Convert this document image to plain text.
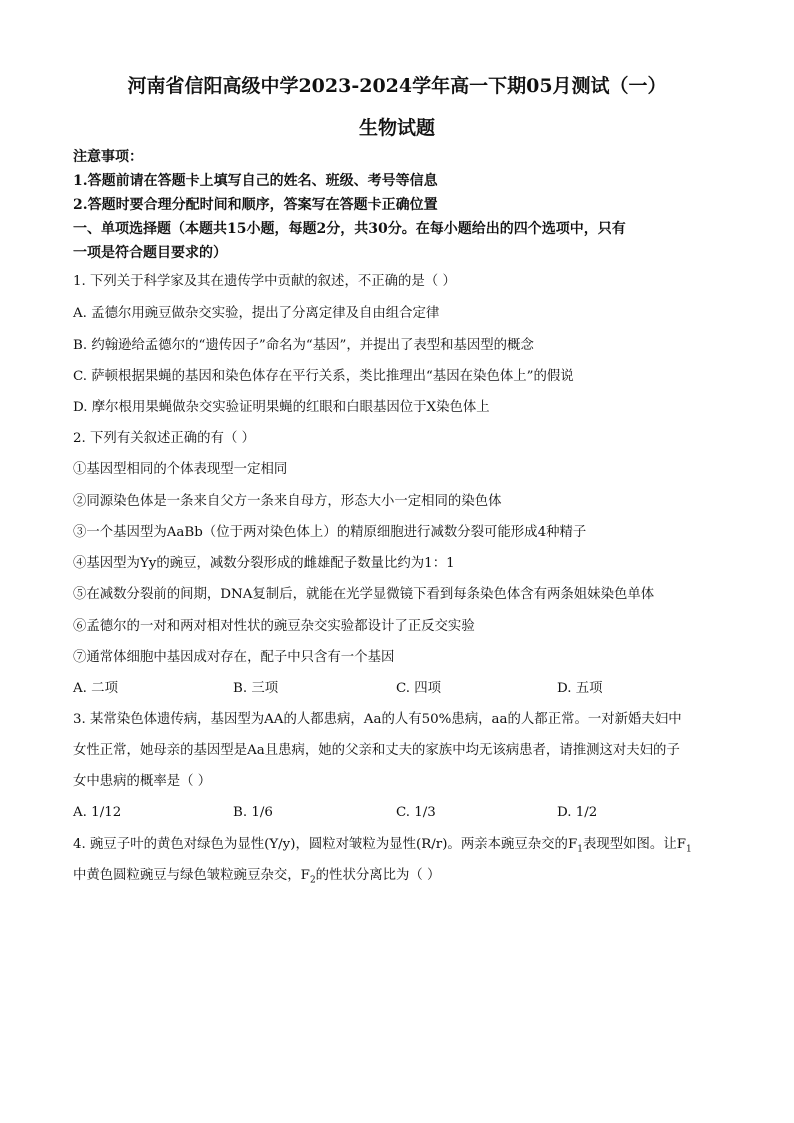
河南省信阳高级中学2023-2024学年高一下期05月测试（一）
生物试题
注意事项：
1.答题前请在答题卡上填写自己的姓名、班级、考号等信息
2.答题时要合理分配时间和顺序，答案写在答题卡正确位置
一、单项选择题（本题共15小题，每题2分，共30分。在每小题给出的四个选项中，只有
一项是符合题目要求的）
1. 下列关于科学家及其在遗传学中贡献的叙述，不正确的是（ ）
A. 孟德尔用豌豆做杂交实验，提出了分离定律及自由组合定律
B. 约翰逊给孟德尔的“遗传因子”命名为“基因”，并提出了表型和基因型的概念
C. 萨顿根据果蝇的基因和染色体存在平行关系，类比推理出“基因在染色体上”的假说
D. 摩尔根用果蝇做杂交实验证明果蝇的红眼和白眼基因位于X染色体上
2. 下列有关叙述正确的有（ ）
①基因型相同的个体表现型一定相同
②同源染色体是一条来自父方一条来自母方，形态大小一定相同的染色体
③一个基因型为AaBb（位于两对染色体上）的精原细胞进行减数分裂可能形成4种精子
④基因型为Yy的豌豆，减数分裂形成的雌雄配子数量比约为1：1
⑤在减数分裂前的间期，DNA复制后，就能在光学显微镜下看到每条染色体含有两条姐妹染色单体
⑥孟德尔的一对和两对相对性状的豌豆杂交实验都设计了正反交实验
⑦通常体细胞中基因成对存在，配子中只含有一个基因
A. 二项	B. 三项	C. 四项	D. 五项
3. 某常染色体遗传病，基因型为AA的人都患病，Aa的人有50%患病，aa的人都正常。一对新婚夫妇中
女性正常，她母亲的基因型是Aa且患病，她的父亲和丈夫的家族中均无该病患者，请推测这对夫妇的子
女中患病的概率是（ ）
A. 1/12	B. 1/6	C. 1/3	D. 1/2
4. 豌豆子叶的黄色对绿色为显性(Y/y)，圆粒对皱粒为显性(R/r)。两亲本豌豆杂交的$F_1$表现型如图。让$F_1$
中黄色圆粒豌豆与绿色皱粒豌豆杂交，$F_2$的性状分离比为（ ）
